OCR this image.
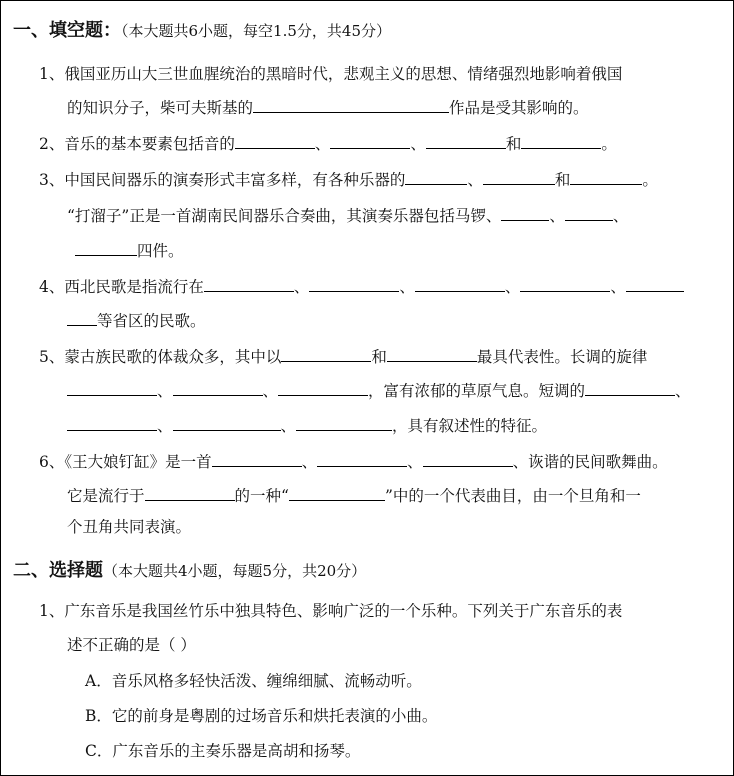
一、填空题：（本大题共6小题，每空1.5分，共45分）
1、俄国亚历山大三世血腥统治的黑暗时代，悲观主义的思想、情绪强烈地影响着俄国
的知识分子，柴可夫斯基的	作品是受其影响的。
2、音乐的基本要素包括音的	、	、	和	。
3、中国民间器乐的演奏形式丰富多样，有各种乐器的	、	和	。
“打溜子”正是一首湖南民间器乐合奏曲，其演奏乐器包括马锣、	、	、
四件。
4、西北民歌是指流行在	、	、	、	、
等省区的民歌。
5、蒙古族民歌的体裁众多，其中以	和	最具代表性。长调的旋律
、	、	，富有浓郁的草原气息。短调的	、
、	、	，具有叙述性的特征。
6、《王大娘钉缸》是一首	、	、	、诙谐的民间歌舞曲。
它是流行于	的一种“	”中的一个代表曲目，由一个旦角和一
个丑角共同表演。
二、选择题（本大题共4小题，每题5分，共20分）
1、广东音乐是我国丝竹乐中独具特色、影响广泛的一个乐种。下列关于广东音乐的表
述不正确的是（ ）
A．音乐风格多轻快活泼、缠绵细腻、流畅动听。
B．它的前身是粤剧的过场音乐和烘托表演的小曲。
C．广东音乐的主奏乐器是高胡和扬琴。
